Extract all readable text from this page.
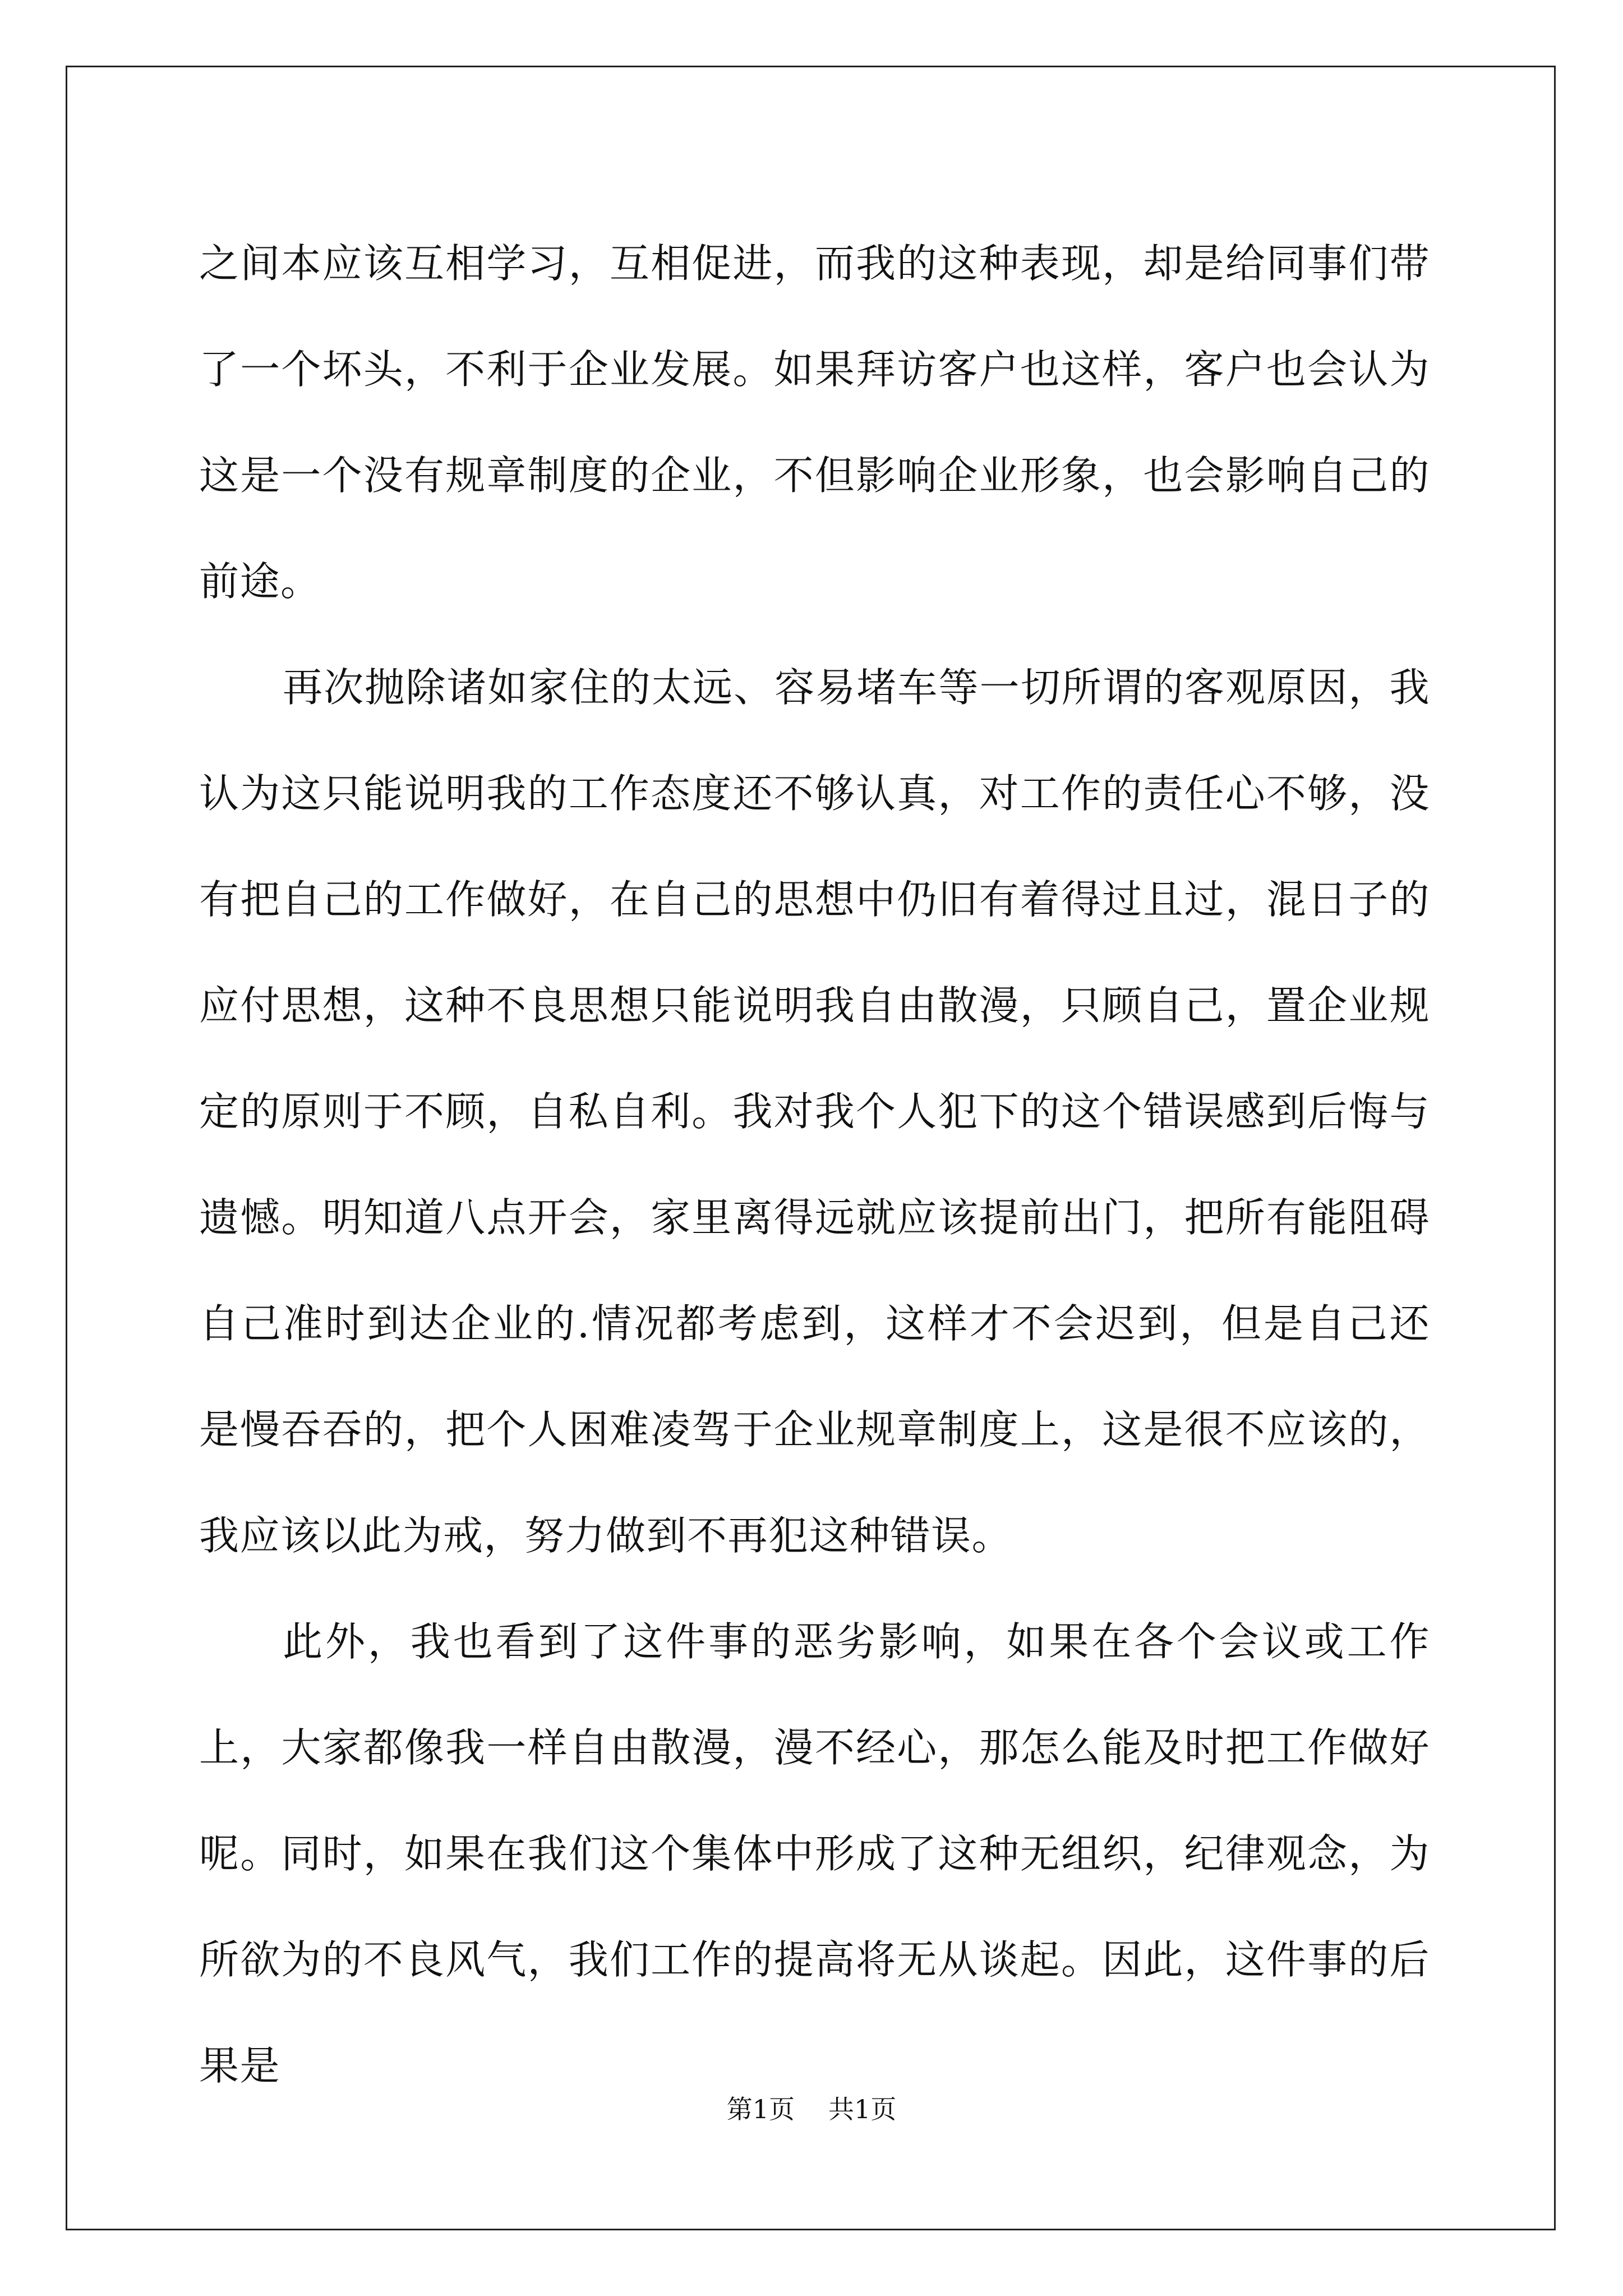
之间本应该互相学习，互相促进，而我的这种表现，却是给同事们带了一个坏头，不利于企业发展。如果拜访客户也这样，客户也会认为这是一个没有规章制度的企业，不但影响企业形象，也会影响自己的前途。

再次抛除诸如家住的太远、容易堵车等一切所谓的客观原因，我认为这只能说明我的工作态度还不够认真，对工作的责任心不够，没有把自己的工作做好，在自己的思想中仍旧有着得过且过，混日子的应付思想，这种不良思想只能说明我自由散漫，只顾自己，置企业规定的原则于不顾，自私自利。我对我个人犯下的这个错误感到后悔与遗憾。明知道八点开会，家里离得远就应该提前出门，把所有能阻碍自己准时到达企业的.情况都考虑到，这样才不会迟到，但是自己还是慢吞吞的，把个人困难凌驾于企业规章制度上，这是很不应该的，我应该以此为戒，努力做到不再犯这种错误。

此外，我也看到了这件事的恶劣影响，如果在各个会议或工作上，大家都像我一样自由散漫，漫不经心，那怎么能及时把工作做好呢。同时，如果在我们这个集体中形成了这种无组织，纪律观念，为所欲为的不良风气，我们工作的提高将无从谈起。因此，这件事的后果是

第1页 共1页
